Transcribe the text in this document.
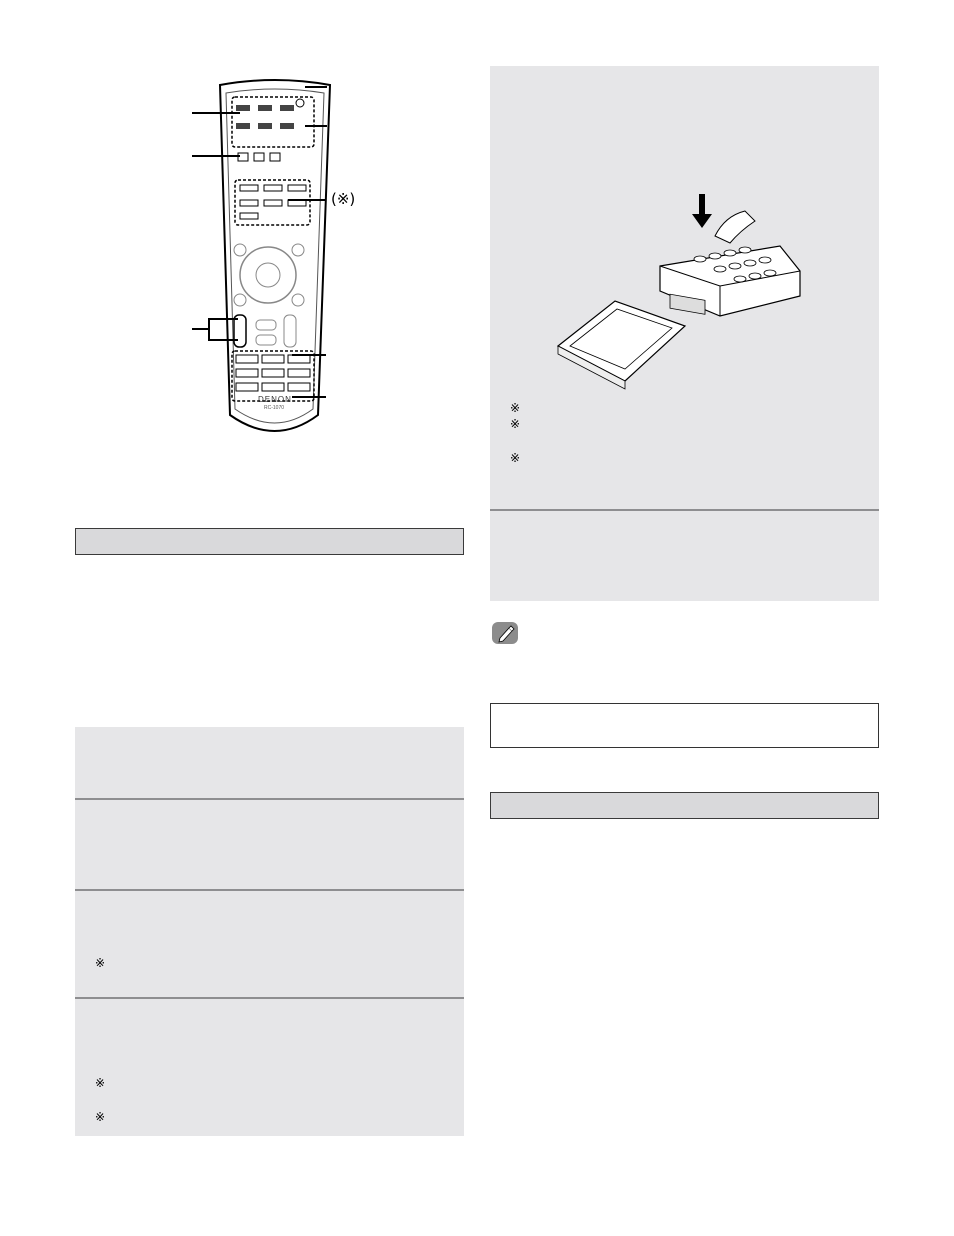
DENON
RC-1070
(※)
※
※
※
※
※
※
